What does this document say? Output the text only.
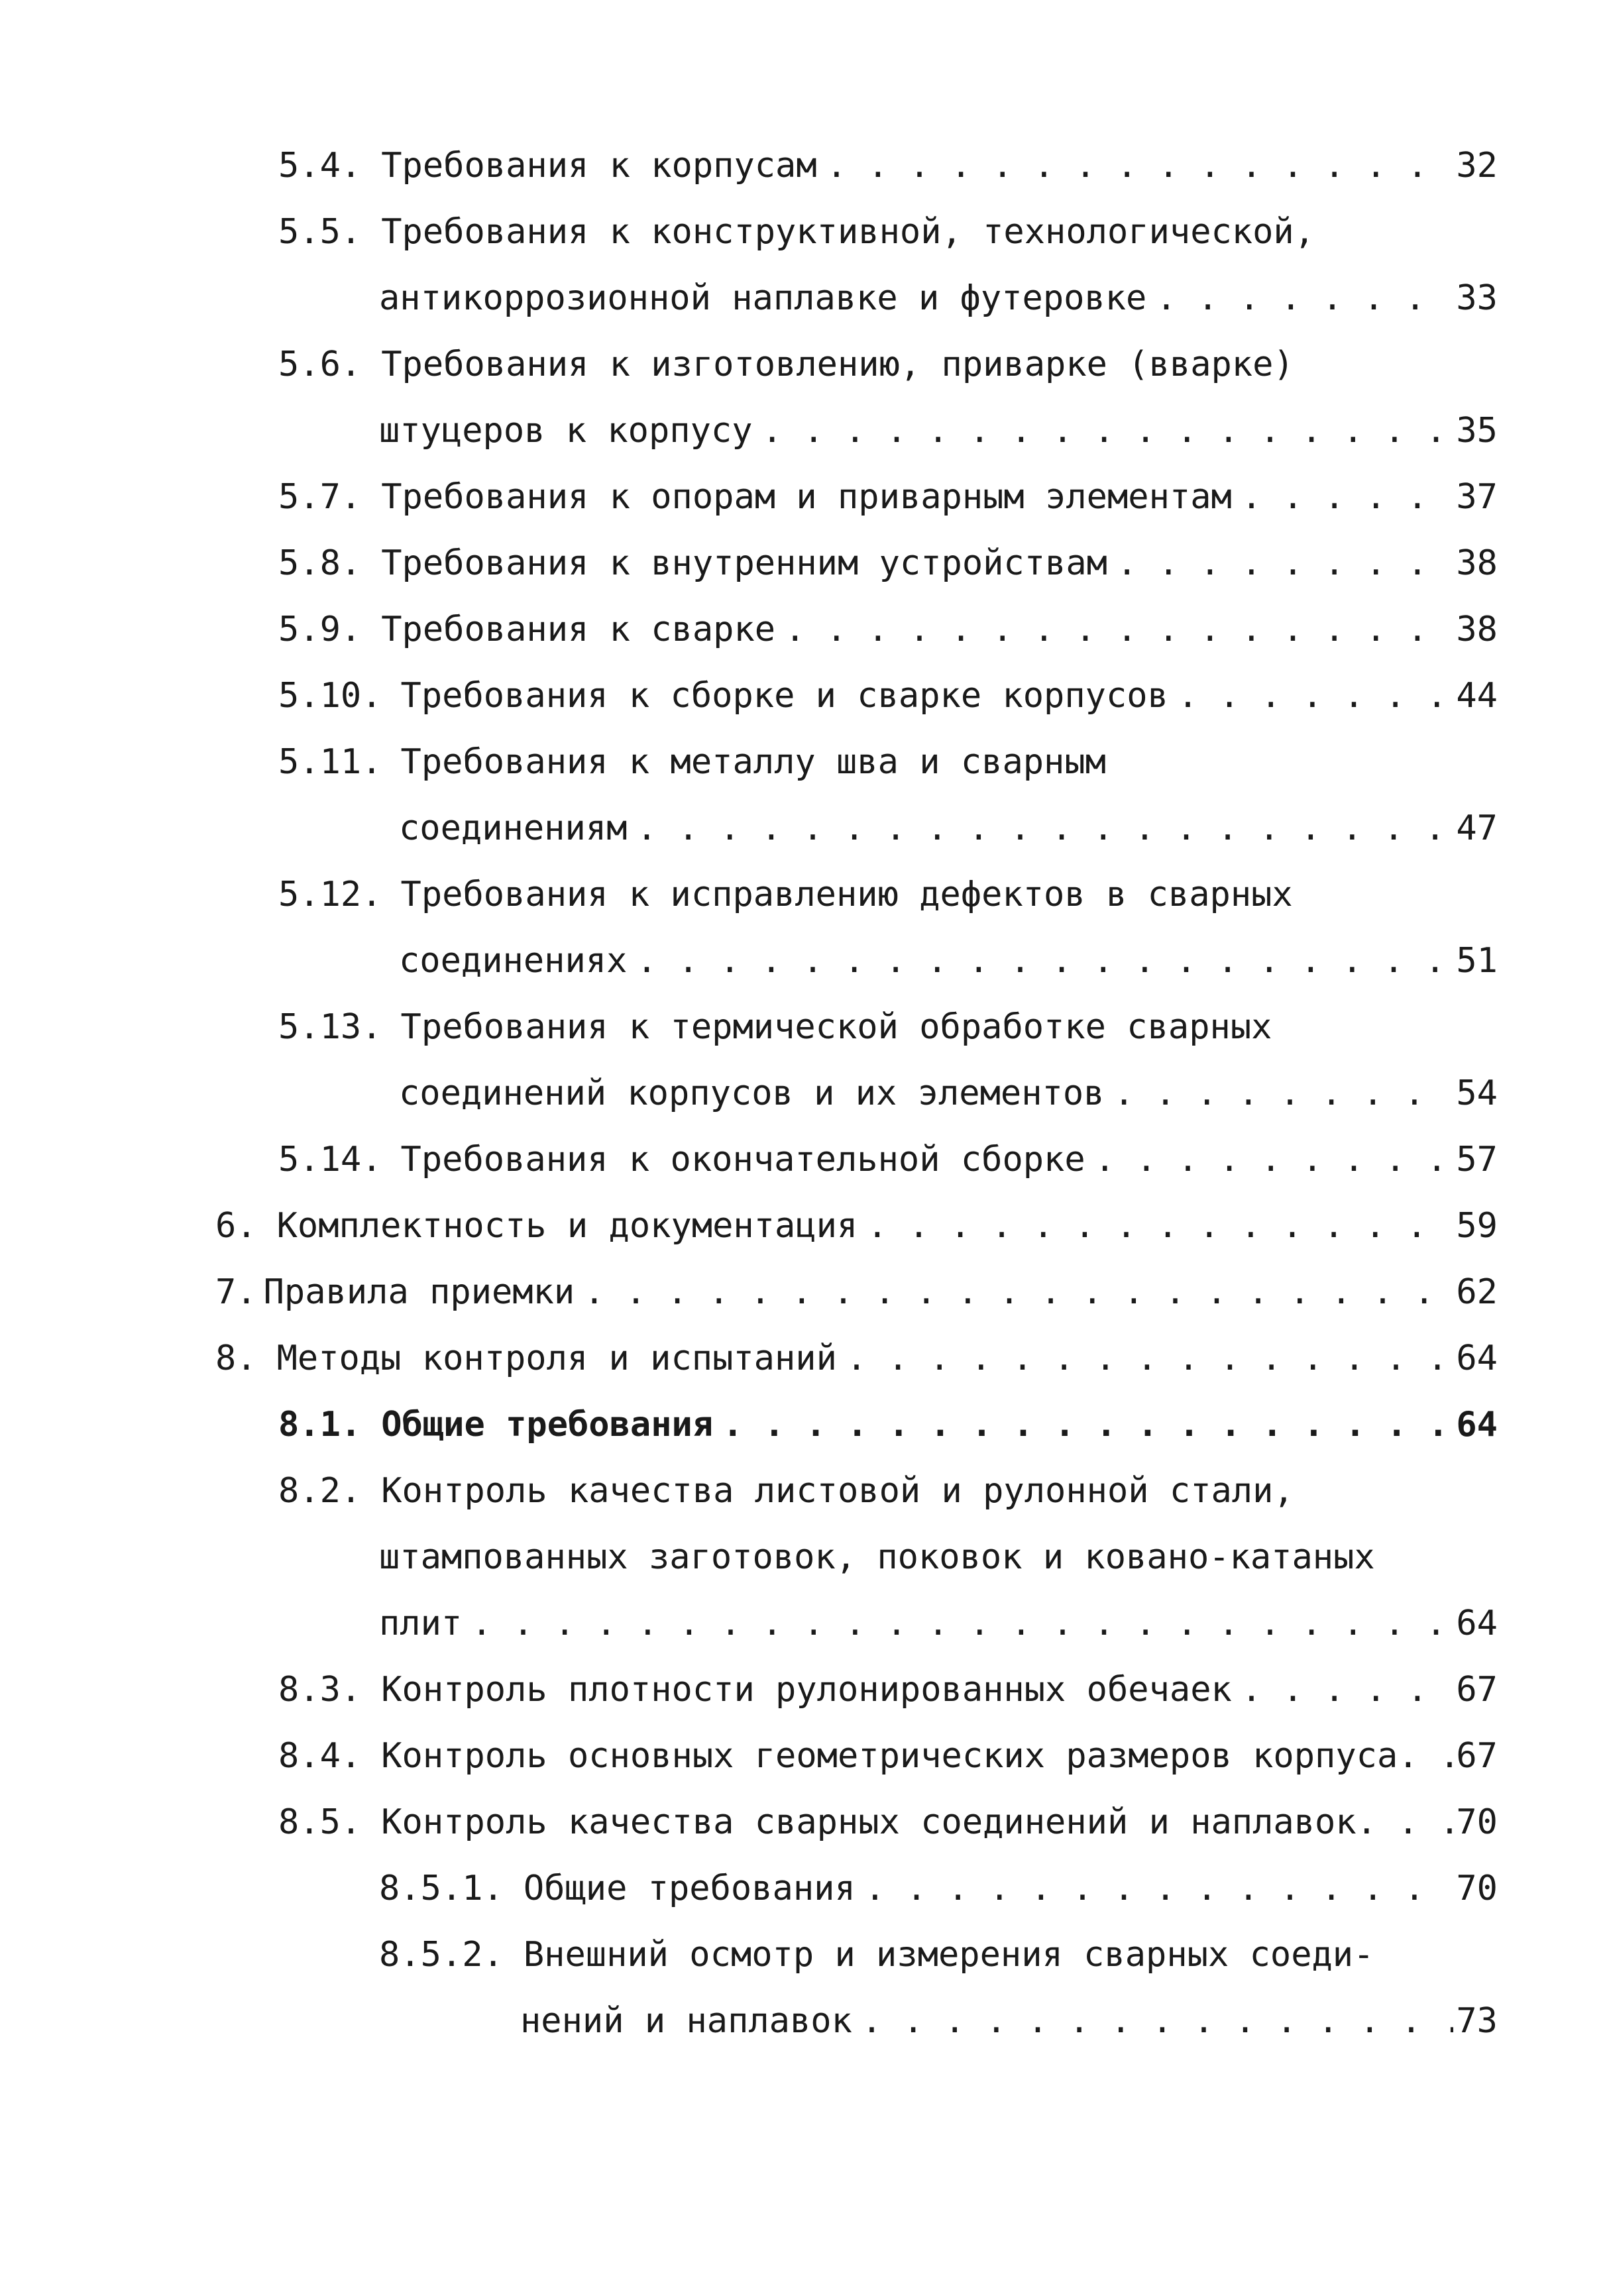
5.4. Требования к корпусам . . .	32
5.5. Требования к конструктивной, технологической,
антикоррозионной наплавке и футеровке . . .	33
5.6. Требования к изготовлению, приварке (вварке)
штуцеров к корпусу . . .	35
5.7. Требования к опорам и приварным элементам . . .	37
5.8. Требования к внутренним устройствам . . .	38
5.9. Требования к сварке . . .	38
5.10. Требования к сборке и сварке корпусов . . .	44
5.11. Требования к металлу шва и сварным
соединениям . . .	47
5.12. Требования к исправлению дефектов в сварных
соединениях . . .	51
5.13. Требования к термической обработке сварных
соединений корпусов и их элементов . . .	54
5.14. Требования к окончательной сборке . . .	57
6. Комплектность и документация . . .	59
7. Правила приемки . . .	62
8. Методы контроля и испытаний . . .	64
8.1. Общие требования . . .	64
8.2. Контроль качества листовой и рулонной стали,
штампованных заготовок, поковок и ковано-катаных
плит . . .	64
8.3. Контроль плотности рулонированных обечаек . . .	67
8.4. Контроль основных геометрических размеров корпуса . . . 67
8.5. Контроль качества сварных соединений и наплавок . . .	70
8.5.1. Общие требования . . .	70
8.5.2. Внешний осмотр и измерения сварных соеди-
нений и наплавок . . .	73
